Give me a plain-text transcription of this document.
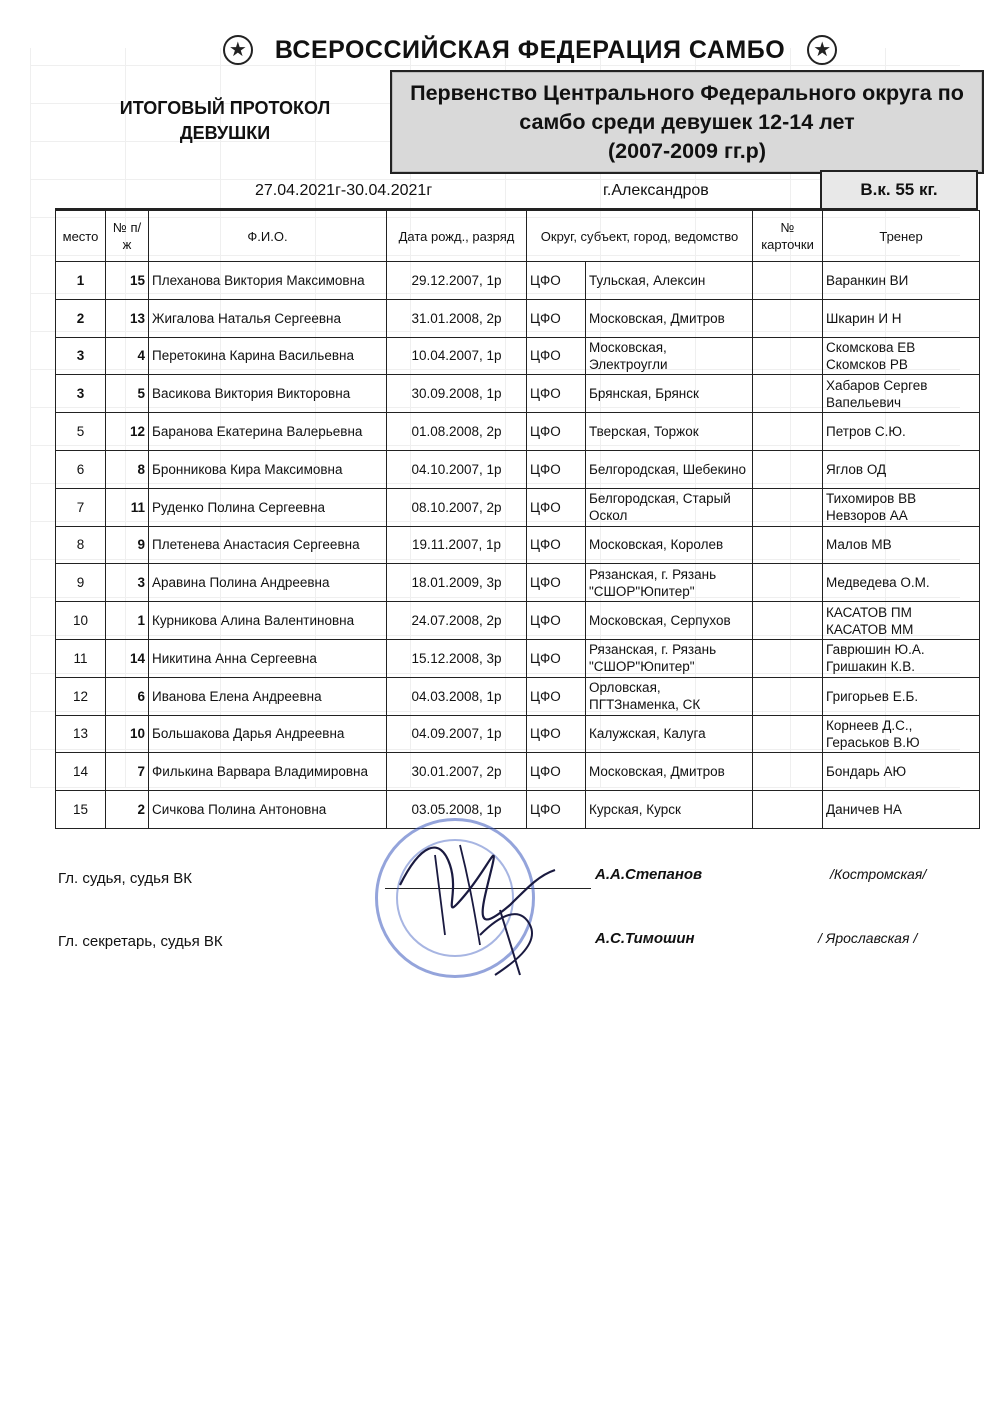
★ ВСЕРОССИЙСКАЯ ФЕДЕРАЦИЯ САМБО	★
ИТОГОВЫЙ ПРОТОКОЛ
ДЕВУШКИ
Первенство Центрального Федерального округа по
самбо среди девушек 12-14 лет
(2007-2009 гг.р)
27.04.2021г-30.04.2021г	г.Александров	В.к. 55 кг.
место	№ п/ж	Ф.И.О.	Дата рожд., разряд	Округ, субъект, город, ведомство		№ карточки	Тренер
1	15	Плеханова Виктория Максимовна	29.12.2007, 1р	ЦФО	Тульская, Алексин		Варанкин ВИ
2	13	Жигалова Наталья Сергеевна	31.01.2008, 2р	ЦФО	Московская, Дмитров		Шкарин И Н
3	4	Перетокина Карина Васильевна	10.04.2007, 1р	ЦФО	Московская, Электроугли		Скомскова ЕВ Скомсков РВ
3	5	Васикова Виктория Викторовна	30.09.2008, 1р	ЦФО	Брянская, Брянск		Хабаров Сергев Вапельевич
5	12	Баранова Екатерина Валерьевна	01.08.2008, 2р	ЦФО	Тверская, Торжок		Петров С.Ю.
6	8	Бронникова Кира Максимовна	04.10.2007, 1р	ЦФО	Белгородская, Шебекино		Яглов ОД
7	11	Руденко Полина Сергеевна	08.10.2007, 2р	ЦФО	Белгородская, Старый Оскол		Тихомиров ВВ Невзоров АА
8	9	Плетенева Анастасия Сергеевна	19.11.2007, 1р	ЦФО	Московская, Королев		Малов МВ
9	3	Аравина Полина Андреевна	18.01.2009, 3р	ЦФО	Рязанская, г. Рязань "СШОР"Юпитер"		Медведева О.М.
10	1	Курникова Алина Валентиновна	24.07.2008, 2р	ЦФО	Московская, Серпухов		КАСАТОВ ПМ КАСАТОВ ММ
11	14	Никитина Анна Сергеевна	15.12.2008, 3р	ЦФО	Рязанская, г. Рязань "СШОР"Юпитер"		Гаврюшин Ю.А. Гришакин К.В.
12	6	Иванова Елена Андреевна	04.03.2008, 1р	ЦФО	Орловская, ПГТЗнаменка, СК		Григорьев Е.Б.
13	10	Большакова Дарья Андреевна	04.09.2007, 1р	ЦФО	Калужская, Калуга		Корнеев Д.С., Гераськов В.Ю
14	7	Филькина Варвара Владимировна	30.01.2007, 2р	ЦФО	Московская, Дмитров		Бондарь АЮ
15	2	Сичкова Полина Антоновна	03.05.2008, 1р	ЦФО	Курская, Курск		Даничев НА
Гл. судья, судья ВК	А.А.Степанов	/Костромская/
Гл. секретарь, судья ВК	А.С.Тимошин	/ Ярославская /
